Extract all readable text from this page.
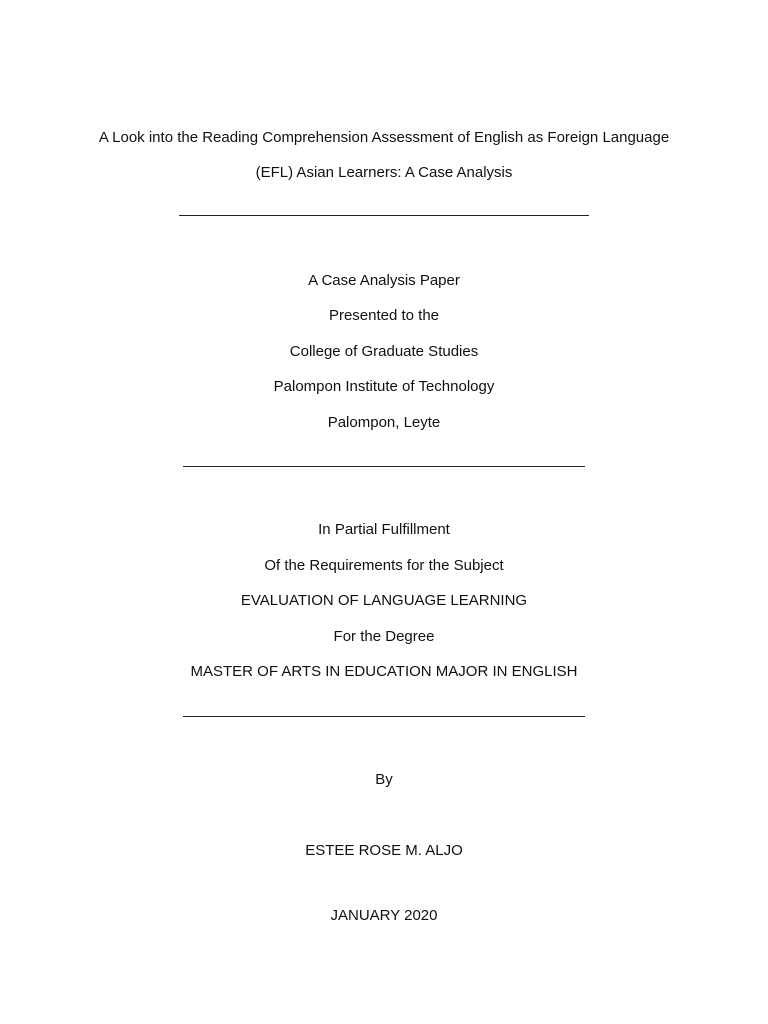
A Look into the Reading Comprehension Assessment of English as Foreign Language
(EFL) Asian Learners: A Case Analysis
A Case Analysis Paper
Presented to the
College of Graduate Studies
Palompon Institute of Technology
Palompon, Leyte
In Partial Fulfillment
Of the Requirements for the Subject
EVALUATION OF LANGUAGE LEARNING
For the Degree
MASTER OF ARTS IN EDUCATION MAJOR IN ENGLISH
By
ESTEE ROSE M. ALJO
JANUARY 2020
